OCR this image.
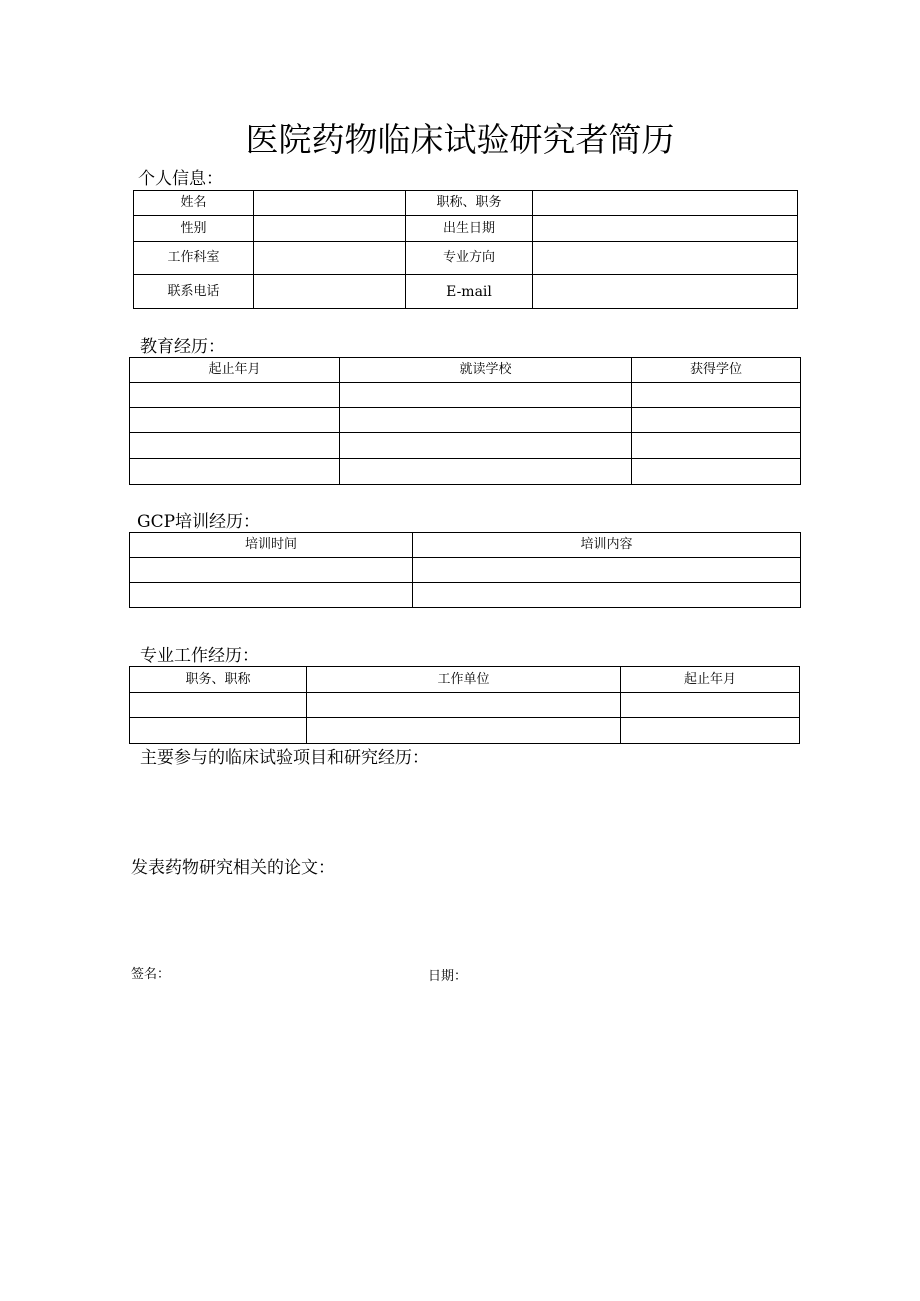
医院药物临床试验研究者简历
个人信息：
姓名		职称、职务	
性别		出生日期	
工作科室		专业方向	
联系电话		E-mail	
教育经历：
起止年月	就读学校	获得学位

GCP培训经历：
培训时间	培训内容

专业工作经历：
职务、职称	工作单位	起止年月

主要参与的临床试验项目和研究经历：
发表药物研究相关的论文：
签名：	日期：
